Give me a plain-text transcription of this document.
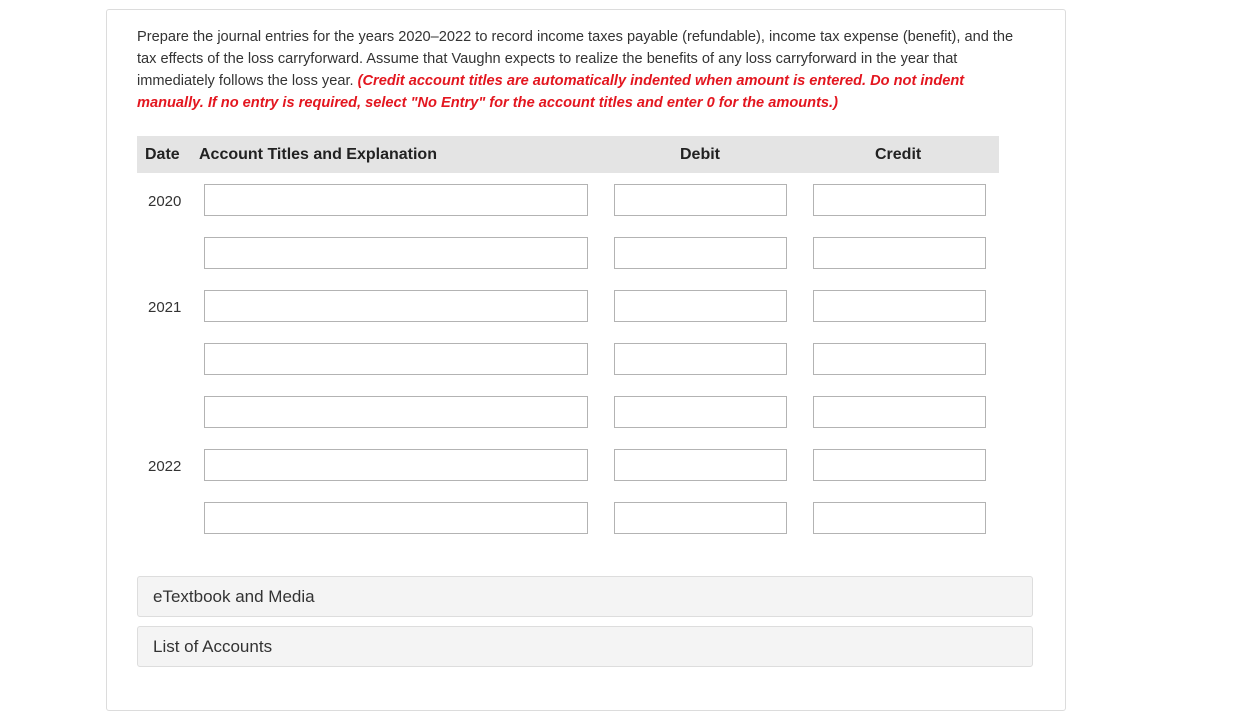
Prepare the journal entries for the years 2020–2022 to record income taxes payable (refundable), income tax expense (benefit), and the tax effects of the loss carryforward. Assume that Vaughn expects to realize the benefits of any loss carryforward in the year that immediately follows the loss year. (Credit account titles are automatically indented when amount is entered. Do not indent manually. If no entry is required, select "No Entry" for the account titles and enter 0 for the amounts.)
Date Account Titles and Explanation	Debit	Credit
2020
2021
2022
eTextbook and Media
List of Accounts
